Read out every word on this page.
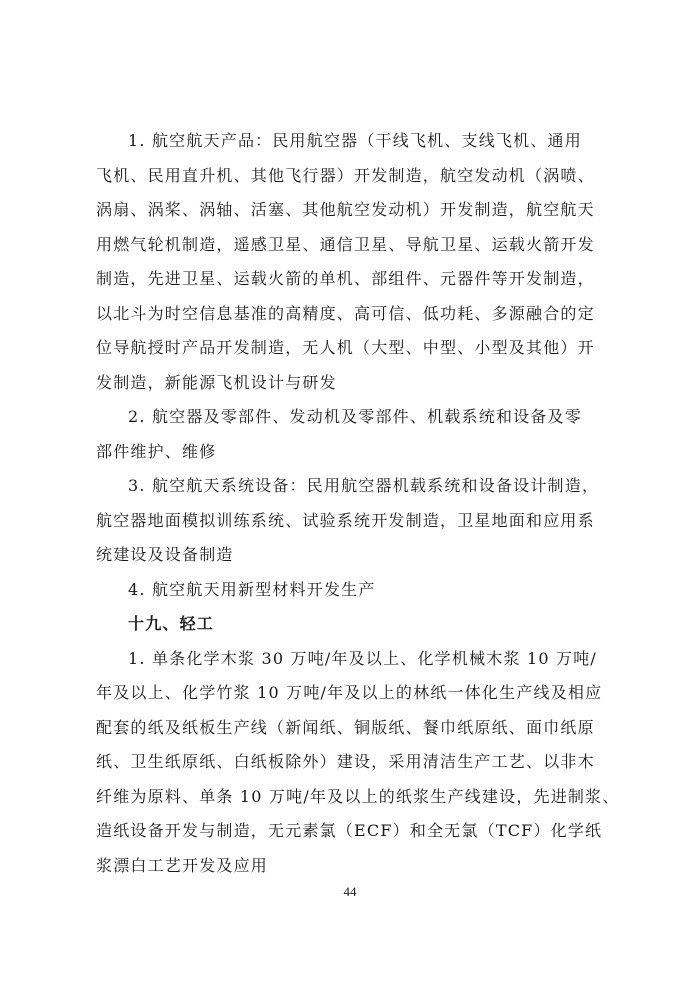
1. 航空航天产品：民用航空器（干线飞机、支线飞机、通用
飞机、民用直升机、其他飞行器）开发制造，航空发动机（涡喷、
涡扇、涡桨、涡轴、活塞、其他航空发动机）开发制造，航空航天
用燃气轮机制造，遥感卫星、通信卫星、导航卫星、运载火箭开发
制造，先进卫星、运载火箭的单机、部组件、元器件等开发制造，
以北斗为时空信息基准的高精度、高可信、低功耗、多源融合的定
位导航授时产品开发制造，无人机（大型、中型、小型及其他）开
发制造，新能源飞机设计与研发
2. 航空器及零部件、发动机及零部件、机载系统和设备及零
部件维护、维修
3. 航空航天系统设备：民用航空器机载系统和设备设计制造，
航空器地面模拟训练系统、试验系统开发制造，卫星地面和应用系
统建设及设备制造
4. 航空航天用新型材料开发生产
十九、轻工
1. 单条化学木浆 30 万吨/年及以上、化学机械木浆 10 万吨/
年及以上、化学竹浆 10 万吨/年及以上的林纸一体化生产线及相应
配套的纸及纸板生产线（新闻纸、铜版纸、餐巾纸原纸、面巾纸原
纸、卫生纸原纸、白纸板除外）建设，采用清洁生产工艺、以非木
纤维为原料、单条 10 万吨/年及以上的纸浆生产线建设，先进制浆、
造纸设备开发与制造，无元素氯（ECF）和全无氯（TCF）化学纸
浆漂白工艺开发及应用
44
